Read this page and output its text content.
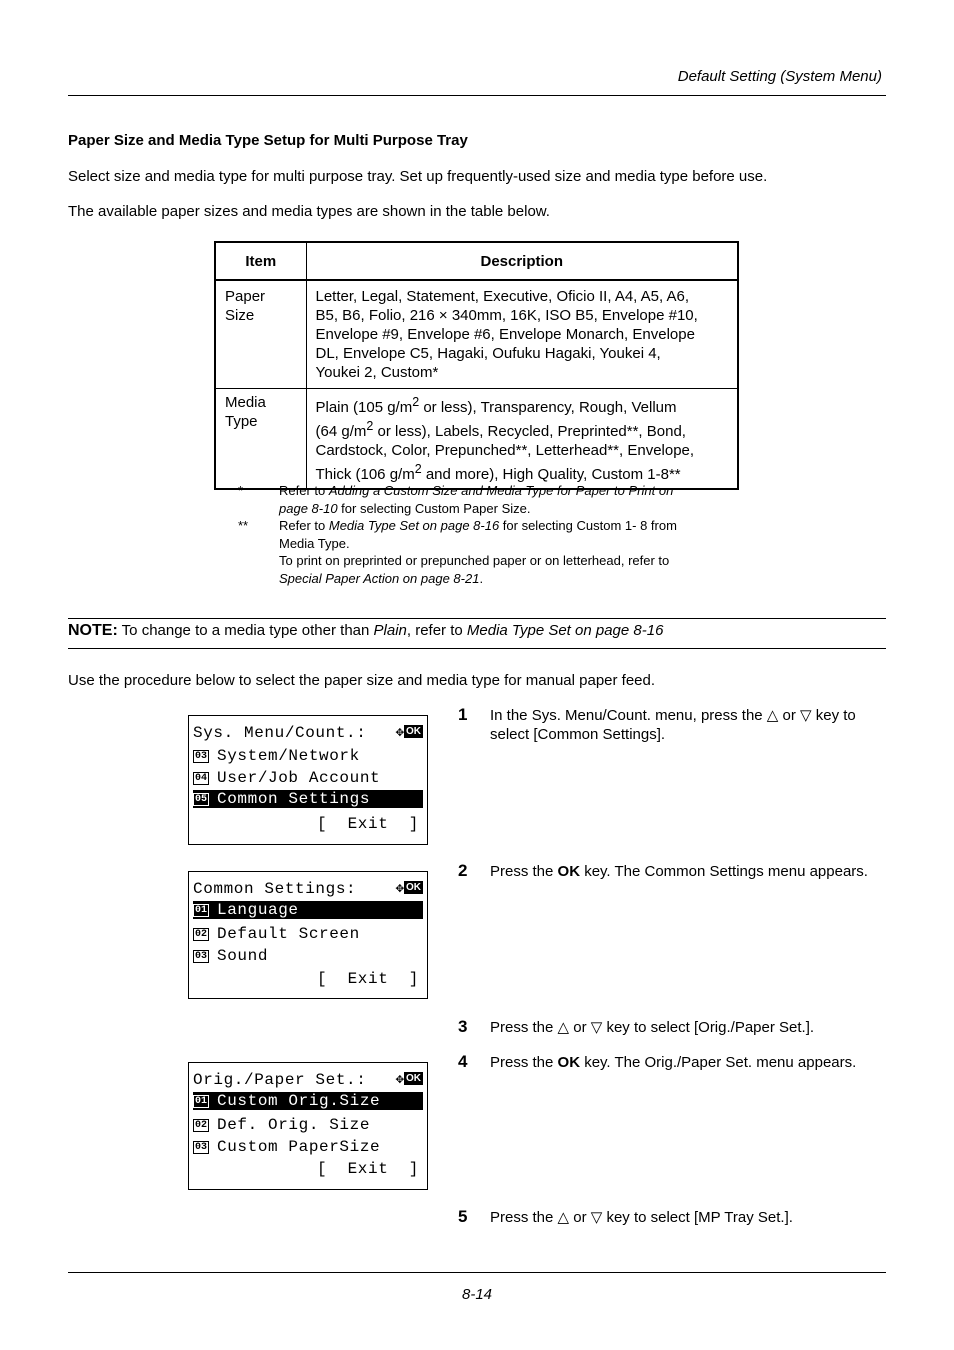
Default Setting (System Menu)
Paper Size and Media Type Setup for Multi Purpose Tray
Select size and media type for multi purpose tray. Set up frequently-used size and media type before use.
The available paper sizes and media types are shown in the table below.
Item	Description
Paper
Size	Letter, Legal, Statement, Executive, Oficio II, A4, A5, A6,
B5, B6, Folio, 216 × 340mm, 16K, ISO B5, Envelope #10,
Envelope #9, Envelope #6, Envelope Monarch, Envelope
DL, Envelope C5, Hagaki, Oufuku Hagaki, Youkei 4,
Youkei 2, Custom*
Media
Type	Plain (105 $g/m^2$ or less), Transparency, Rough, Vellum
(64 $g/m^2$ or less), Labels, Recycled, Preprinted**, Bond,
Cardstock, Color, Prepunched**, Letterhead**, Envelope,
Thick (106 $g/m^2$ and more), High Quality, Custom 1-8**
*	Refer to Adding a Custom Size and Media Type for Paper to Print on
page 8-10 for selecting Custom Paper Size.
** Refer to Media Type Set on page 8-16 for selecting Custom 1- 8 from
Media Type.
To print on preprinted or prepunched paper or on letterhead, refer to
Special Paper Action on page 8-21.
NOTE: To change to a media type other than Plain, refer to Media Type Set on page 8-16
Use the procedure below to select the paper size and media type for manual paper feed.
1 In the Sys. Menu/Count. menu, press the △ or ▽ key to
select [Common Settings].
2 Press the OK key. The Common Settings menu appears.
3 Press the △ or ▽ key to select [Orig./Paper Set.].
4 Press the OK key. The Orig./Paper Set. menu appears.
5 Press the △ or ▽ key to select [MP Tray Set.].
Sys. Menu/Count.:	✥ OK
03 System/Network
04 User/Job Account
05 Common Settings
[  Exit  ]
Common Settings:	✥ OK
01 Language
02 Default Screen
03 Sound
[  Exit  ]
Orig./Paper Set.:	✥ OK
01 Custom Orig.Size
02 Def. Orig. Size
03 Custom PaperSize
[  Exit  ]
8-14
